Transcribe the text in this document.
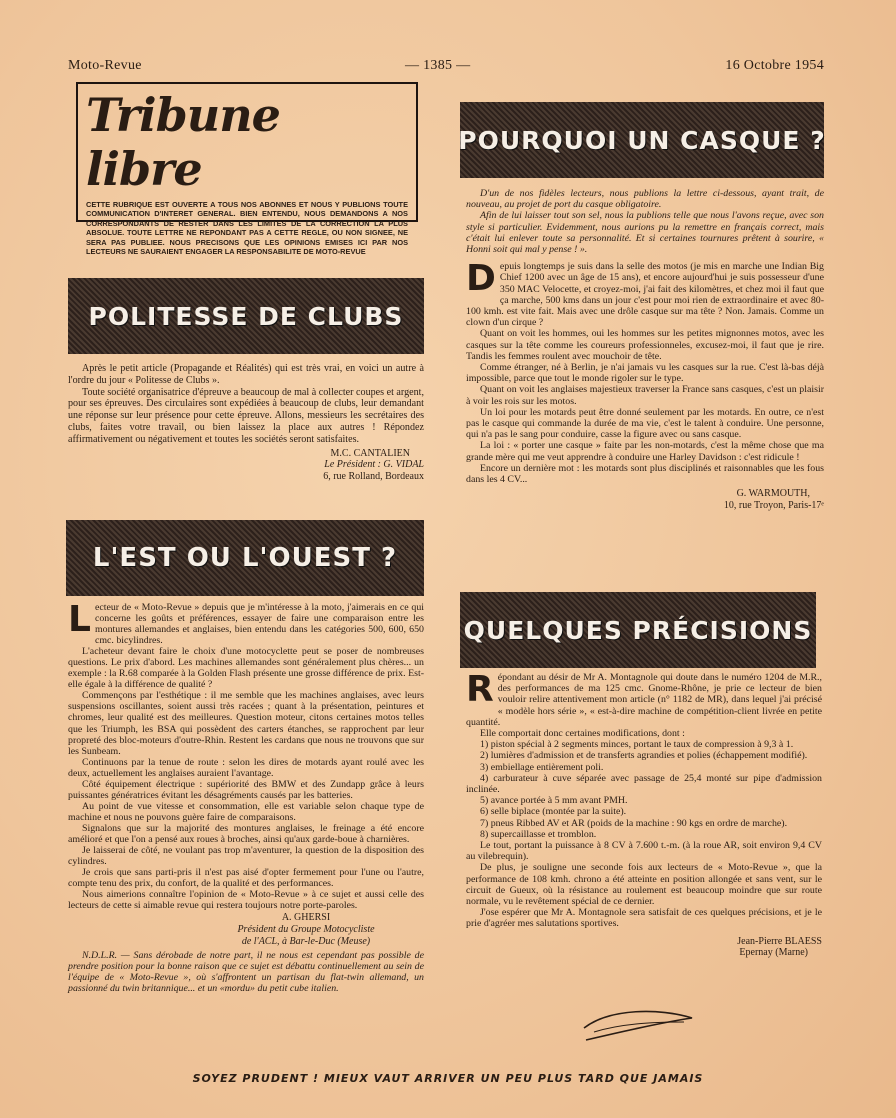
Moto-Revue	— 1385 —	16 Octobre 1954
Tribune libre
CETTE RUBRIQUE EST OUVERTE A TOUS NOS ABONNES ET NOUS Y PUBLIONS TOUTE COMMUNICATION D'INTERET GENERAL. BIEN ENTENDU, NOUS DEMANDONS A NOS CORRESPONDANTS DE RESTER DANS LES LIMITES DE LA CORRECTION LA PLUS ABSOLUE. TOUTE LETTRE NE REPONDANT PAS A CETTE REGLE, OU NON SIGNEE, NE SERA PAS PUBLIEE. NOUS PRECISONS QUE LES OPINIONS EMISES ICI PAR NOS LECTEURS NE SAURAIENT ENGAGER LA RESPONSABILITE DE MOTO-REVUE
POLITESSE DE CLUBS

Après le petit article (Propagande et Réalités) qui est très vrai, en voici un autre à l'ordre du jour « Politesse de Clubs ».

Toute société organisatrice d'épreuve a beaucoup de mal à collecter coupes et argent, pour ses épreuves. Des circulaires sont expédiées à beaucoup de clubs, leur demandant une réponse sur leur présence pour cette épreuve. Allons, messieurs les secrétaires des clubs, faites votre travail, ou bien laissez la place aux autres ! Répondez affirmativement ou négativement et toutes les sociétés seront satisfaites.

M.C. CANTALIEN
Le Président : G. VIDAL
6, rue Rolland, Bordeaux
L'EST OU L'OUEST ?

Lecteur de « Moto-Revue » depuis que je m'intéresse à la moto, j'aimerais en ce qui concerne les goûts et préférences, essayer de faire une comparaison entre les montures allemandes et anglaises, bien entendu dans les catégories 500, 600, 650 cmc. bicylindres.

L'acheteur devant faire le choix d'une motocyclette peut se poser de nombreuses questions. Le prix d'abord. Les machines allemandes sont généralement plus chères... un exemple : la R.68 comparée à la Golden Flash présente une grosse différence de prix. Est-elle égale à la différence de qualité ?

Commençons par l'esthétique : il me semble que les machines anglaises, avec leurs suspensions oscillantes, soient aussi très racées ; quant à la présentation, peintures et chromes, leur qualité est des meilleures. Question moteur, citons certaines motos telles que les Triumph, les BSA qui possèdent des carters étanches, se rapprochent par leur propreté des bloc-moteurs d'outre-Rhin. Restent les cardans que nous ne trouvons que sur les Sunbeam.

Continuons par la tenue de route : selon les dires de motards ayant roulé avec les deux, actuellement les anglaises auraient l'avantage.

Côté équipement électrique : supériorité des BMW et des Zundapp grâce à leurs puissantes génératrices évitant les désagréments causés par les batteries.

Au point de vue vitesse et consommation, elle est variable selon chaque type de machine et nous ne pouvons guère faire de comparaisons.

Signalons que sur la majorité des montures anglaises, le freinage a été encore amélioré et que l'on a pensé aux roues à broches, ainsi qu'aux garde-boue à charnières.

Je laisserai de côté, ne voulant pas trop m'aventurer, la question de la disposition des cylindres.

Je crois que sans parti-pris il n'est pas aisé d'opter fermement pour l'une ou l'autre, compte tenu des prix, du confort, de la qualité et des performances.

Nous aimerions connaître l'opinion de « Moto-Revue » à ce sujet et aussi celle des lecteurs de cette si aimable revue qui restera toujours notre porte-paroles.

A. GHERSI
Président du Groupe Motocycliste
de l'ACL, à Bar-le-Duc (Meuse)

N.D.L.R. — Sans dérobade de notre part, il ne nous est cependant pas possible de prendre position pour la bonne raison que ce sujet est débattu continuellement au sein de l'équipe de « Moto-Revue », où s'affrontent un partisan du flat-twin allemand, un passionné du twin britannique... et un «mordu» du petit cube italien.

POURQUOI UN CASQUE ?

D'un de nos fidèles lecteurs, nous publions la lettre ci-dessous, ayant trait, de nouveau, au projet de port du casque obligatoire.

Afin de lui laisser tout son sel, nous la publions telle que nous l'avons reçue, avec son style si particulier. Evidemment, nous aurions pu la remettre en français correct, mais c'était lui enlever toute sa personnalité. Et si certaines tournures prêtent à sourire, « Honni soit qui mal y pense ! ».

Depuis longtemps je suis dans la selle des motos (je mis en marche une Indian Big Chief 1200 avec un âge de 15 ans), et encore aujourd'hui je suis possesseur d'une 350 MAC Velocette, et croyez-moi, j'ai fait des kilomètres, et chez moi il faut que ça marche, 500 kms dans un jour c'est pour moi rien de extraordinaire et avec 80-100 kmh. est vite fait. Mais avec une drôle casque sur ma tête ? Non. Jamais. Comme un clown d'un cirque ?

Quant on voit les hommes, oui les hommes sur les petites mignonnes motos, avec les casques sur la tête comme les coureurs professionneles, excusez-moi, il faut que je rire. Tandis les femmes roulent avec mouchoir de tête.

Comme étranger, né à Berlin, je n'ai jamais vu les casques sur la rue. C'est là-bas déjà impossible, parce que tout le monde rigoler sur le type.

Quant on voit les anglaises majestieux traverser la France sans casques, c'est un plaisir à voir les rois sur les motos.

Un loi pour les motards peut être donné seulement par les motards. En outre, ce n'est pas le casque qui commande la durée de ma vie, c'est le talent à conduire. Une personne, qui n'a pas le sang pour conduire, casse la figure avec ou sans casque.

La loi : « porter une casque » faite par les non-motards, c'est la même chose que ma grande mère qui me veut apprendre à conduire une Harley Davidson : c'est ridicule !

Encore un dernière mot : les motards sont plus disciplinés et raisonnables que les fous dans les 4 CV...

G. WARMOUTH,
10, rue Troyon, Paris-17ᵉ
QUELQUES PRÉCISIONS

Répondant au désir de Mr A. Montagnole qui doute dans le numéro 1204 de M.R., des performances de ma 125 cmc. Gnome-Rhône, je prie ce lecteur de bien vouloir relire attentivement mon article (n° 1182 de MR), dans lequel j'ai précisé « modèle hors série », « est-à-dire machine de compétition-client livrée en petite quantité.

Elle comportait donc certaines modifications, dont :

1) piston spécial à 2 segments minces, portant le taux de compression à 9,3 à 1.

2) lumières d'admission et de transferts agrandies et polies (échappement modifié).

3) embiellage entièrement poli.

4) carburateur à cuve séparée avec passage de 25,4 monté sur pipe d'admission inclinée.

5) avance portée à 5 mm avant PMH.

6) selle biplace (montée par la suite).

7) pneus Ribbed AV et AR (poids de la machine : 90 kgs en ordre de marche).

8) supercaillasse et tromblon.

Le tout, portant la puissance à 8 CV à 7.600 t.-m. (à la roue AR, soit environ 9,4 CV au vilebrequin).

De plus, je souligne une seconde fois aux lecteurs de « Moto-Revue », que la performance de 108 kmh. chrono a été atteinte en position allongée et sans vent, sur le circuit de Gueux, où la résistance au roulement est beaucoup moindre que sur route normale, vu le revêtement spécial de ce dernier.

J'ose espérer que Mr A. Montagnole sera satisfait de ces quelques précisions, et je le prie d'agréer mes salutations sportives.

Jean-Pierre BLAESS
Epernay (Marne)
SOYEZ PRUDENT ! MIEUX VAUT ARRIVER UN PEU PLUS TARD QUE JAMAIS
